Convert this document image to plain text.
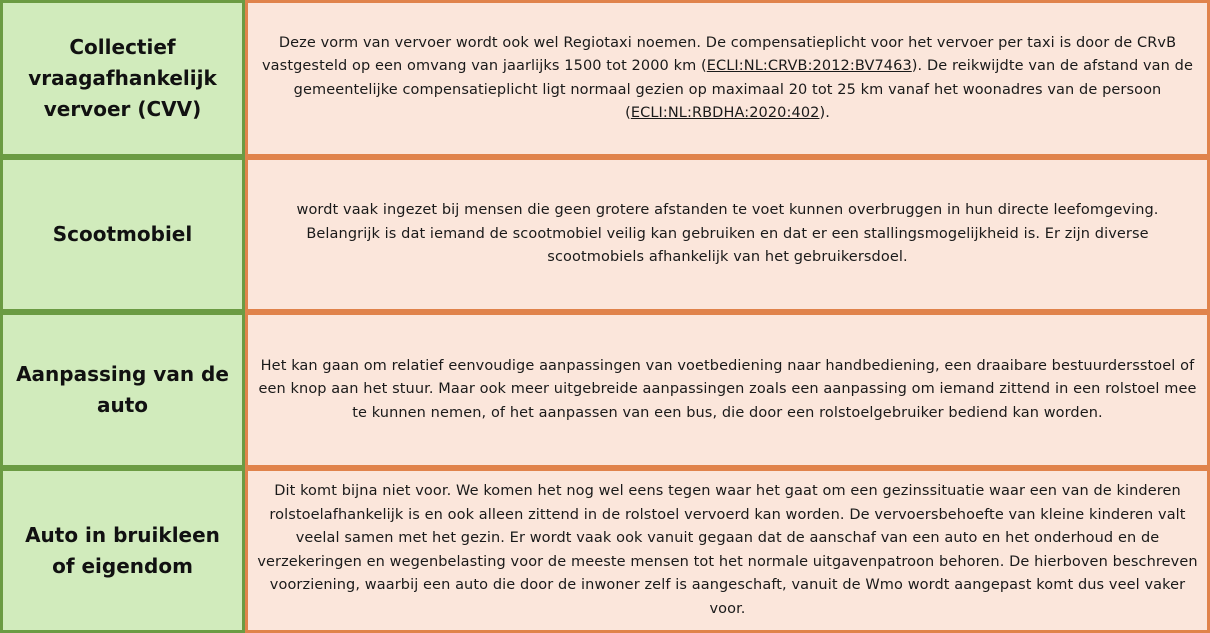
Collectief vraagafhankelijk vervoer (CVV)
Deze vorm van vervoer wordt ook wel Regiotaxi noemen. De compensatieplicht voor het vervoer per taxi is door de CRvB vastgesteld op een omvang van jaarlijks 1500 tot 2000 km (ECLI:NL:CRVB:2012:BV7463). De reikwijdte van de afstand van de gemeentelijke compensatieplicht ligt normaal gezien op maximaal 20 tot 25 km vanaf het woonadres van de persoon (ECLI:NL:RBDHA:2020:402).
Scootmobiel
wordt vaak ingezet bij mensen die geen grotere afstanden te voet kunnen overbruggen in hun directe leefomgeving. Belangrijk is dat iemand de scootmobiel veilig kan gebruiken en dat er een stallingsmogelijkheid is. Er zijn diverse scootmobiels afhankelijk van het gebruikersdoel.
Aanpassing van de auto
Het kan gaan om relatief eenvoudige aanpassingen van voetbediening naar handbediening, een draaibare bestuurdersstoel of een knop aan het stuur. Maar ook meer uitgebreide aanpassingen zoals een aanpassing om iemand zittend in een rolstoel mee te kunnen nemen, of het aanpassen van een bus, die door een rolstoelgebruiker bediend kan worden.
Auto in bruikleen of eigendom
Dit komt bijna niet voor. We komen het nog wel eens tegen waar het gaat om een gezinssituatie waar een van de kinderen rolstoelafhankelijk is en ook alleen zittend in de rolstoel vervoerd kan worden. De vervoersbehoefte van kleine kinderen valt veelal samen met het gezin. Er wordt vaak ook vanuit gegaan dat de aanschaf van een auto en het onderhoud en de verzekeringen en wegenbelasting voor de meeste mensen tot het normale uitgavenpatroon behoren. De hierboven beschreven voorziening, waarbij een auto die door de inwoner zelf is aangeschaft, vanuit de Wmo wordt aangepast komt dus veel vaker voor.
